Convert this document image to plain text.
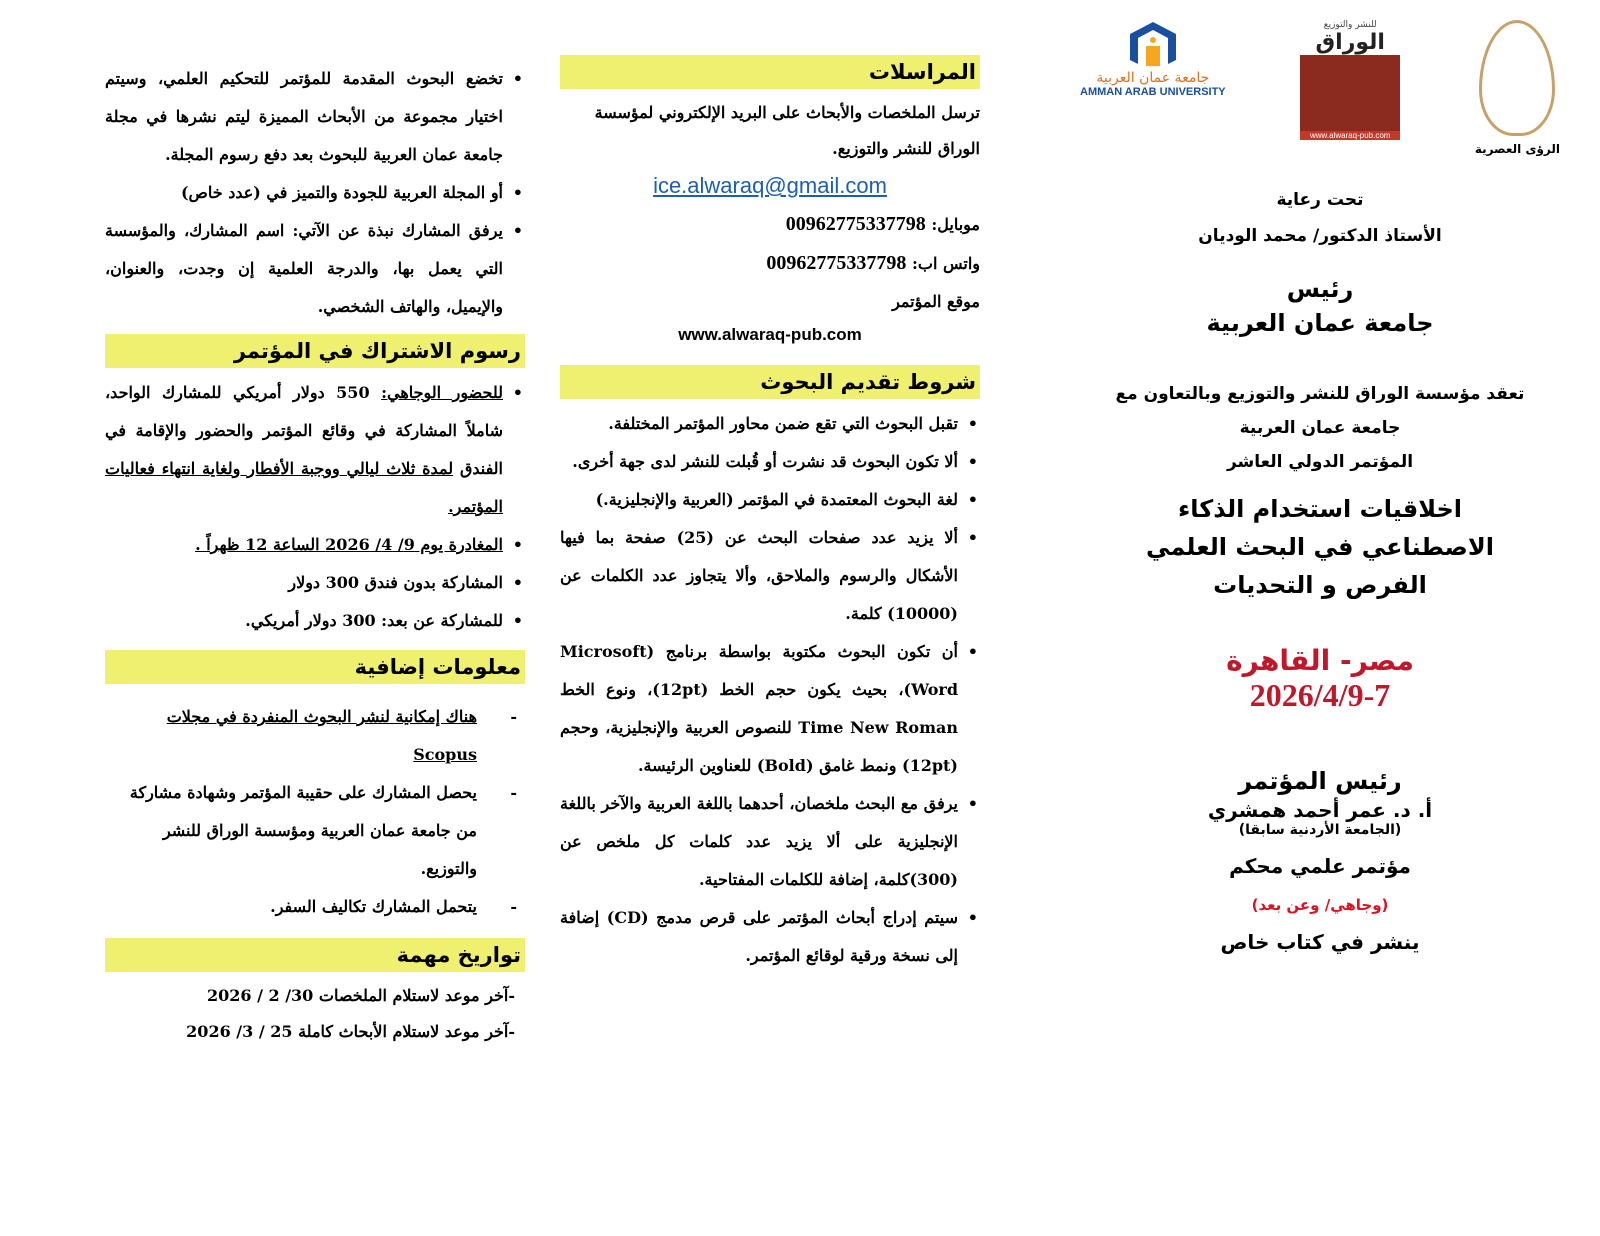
جامعة عمان العربية
AMMAN ARAB UNIVERSITY
للنشر والتوزيع
الوراق
www.alwaraq-pub.com
الرؤى العصرية
تحت رعاية
الأستاذ الدكتور/ محمد الوديان
رئيس
جامعة عمان العربية
تعقد مؤسسة الوراق للنشر والتوزيع وبالتعاون مع
جامعة عمان العربية
المؤتمر الدولي العاشر
اخلاقيات استخدام الذكاء
الاصطناعي في البحث العلمي
الفرص و التحديات
مصر- القاهرة
2026/4/9-7
رئيس المؤتمر
أ. د. عمر أحمد همشري
(الجامعة الأردنية سابقا)
مؤتمر علمي محكم
(وجاهي/ وعن بعد)
ينشر في كتاب خاص
المراسلات
ترسل الملخصات والأبحاث على البريد الإلكتروني لمؤسسة الوراق للنشر والتوزيع.
ice.alwaraq@gmail.com
موبايل: 00962775337798
واتس اب: 00962775337798
موقع المؤتمر
www.alwaraq-pub.com
شروط تقديم البحوث
• تقبل البحوث التي تقع ضمن محاور المؤتمر المختلفة.
• ألا تكون البحوث قد نشرت أو قُبلت للنشر لدى جهة أخرى.
• لغة البحوث المعتمدة في المؤتمر (العربية والإنجليزية.)
• ألا يزيد عدد صفحات البحث عن (25) صفحة بما فيها الأشكال والرسوم والملاحق، وألا يتجاوز عدد الكلمات عن (10000) كلمة.
• أن تكون البحوث مكتوبة بواسطة برنامج (Microsoft Word)، بحيث يكون حجم الخط (12pt)، ونوع الخط Time New Roman للنصوص العربية والإنجليزية، وحجم (12pt) ونمط غامق (Bold) للعناوين الرئيسة.
• يرفق مع البحث ملخصان، أحدهما باللغة العربية والآخر باللغة الإنجليزية على ألا يزيد عدد كلمات كل ملخص عن (300)كلمة، إضافة للكلمات المفتاحية.
• سيتم إدراج أبحاث المؤتمر على قرص مدمج (CD) إضافة إلى نسخة ورقية لوقائع المؤتمر.
• تخضع البحوث المقدمة للمؤتمر للتحكيم العلمي، وسيتم اختيار مجموعة من الأبحاث المميزة ليتم نشرها في مجلة جامعة عمان العربية للبحوث بعد دفع رسوم المجلة.
• أو المجلة العربية للجودة والتميز في (عدد خاص)
• يرفق المشارك نبذة عن الآتي: اسم المشارك، والمؤسسة التي يعمل بها، والدرجة العلمية إن وجدت، والعنوان، والإيميل، والهاتف الشخصي.
رسوم الاشتراك في المؤتمر
• للحضور الوجاهي: 550 دولار أمريكي للمشارك الواحد، شاملاً المشاركة في وقائع المؤتمر والحضور والإقامة في الفندق لمدة ثلاث ليالي ووجبة الأفطار ولغاية انتهاء فعاليات المؤتمر.
• المغادرة يوم 9/ 4/ 2026 الساعة 12 ظهراً .
• المشاركة بدون فندق 300 دولار
• للمشاركة عن بعد: 300 دولار أمريكي.
معلومات إضافية
- هناك إمكانية لنشر البحوث المنفردة في مجلات Scopus
- يحصل المشارك على حقيبة المؤتمر وشهادة مشاركة من جامعة عمان العربية ومؤسسة الوراق للنشر والتوزيع.
- يتحمل المشارك تكاليف السفر.
تواريخ مهمة
-آخر موعد لاستلام الملخصات 30/ 2 / 2026
-آخر موعد لاستلام الأبحاث كاملة 25 / 3/ 2026
